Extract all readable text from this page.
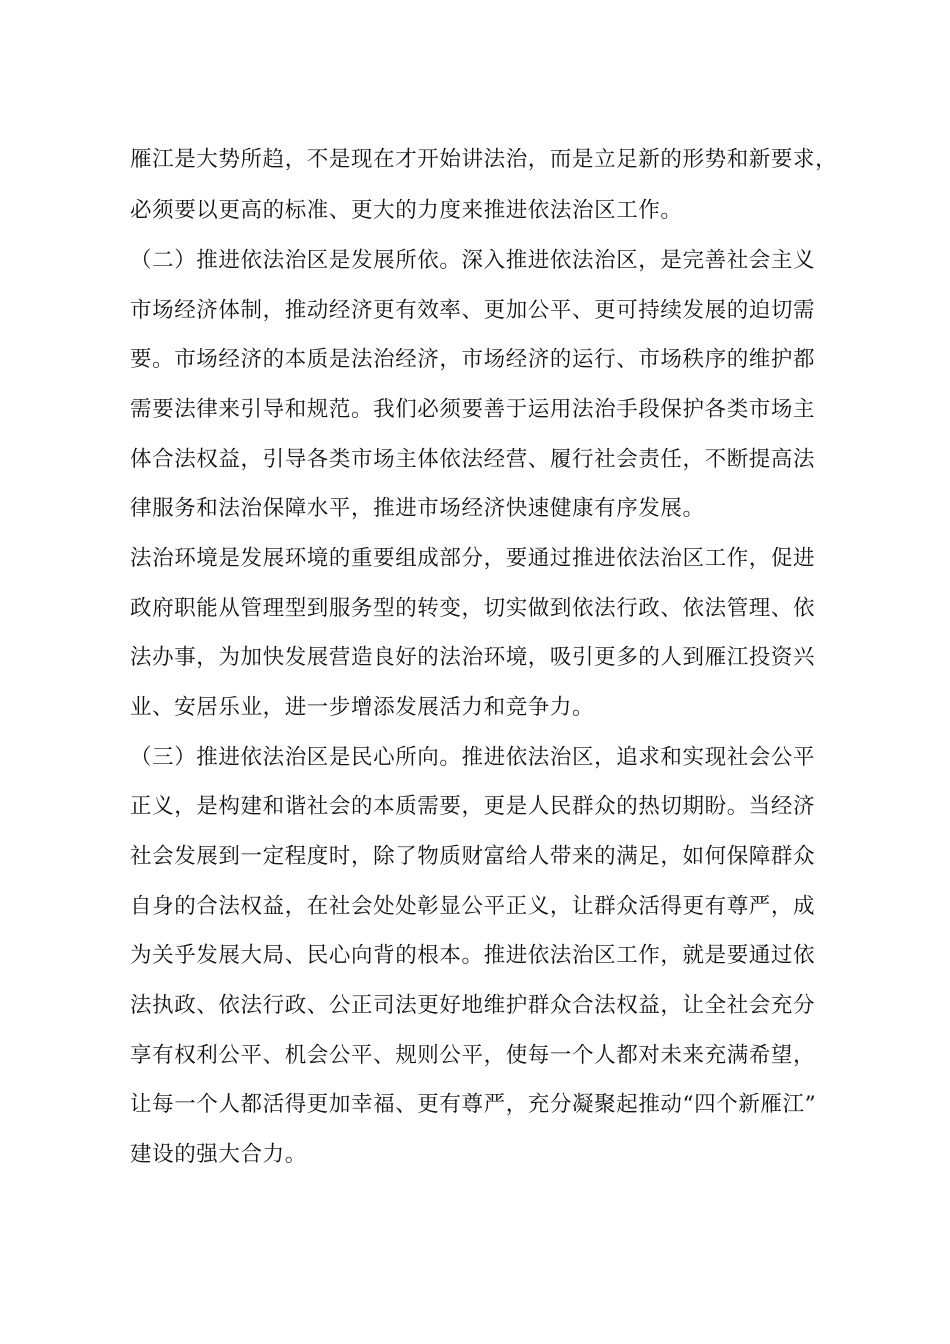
雁江是大势所趋，不是现在才开始讲法治，而是立足新的形势和新要求，
必须要以更高的标准、更大的力度来推进依法治区工作。
（二）推进依法治区是发展所依。深入推进依法治区，是完善社会主义
市场经济体制，推动经济更有效率、更加公平、更可持续发展的迫切需
要。市场经济的本质是法治经济，市场经济的运行、市场秩序的维护都
需要法律来引导和规范。我们必须要善于运用法治手段保护各类市场主
体合法权益，引导各类市场主体依法经营、履行社会责任，不断提高法
律服务和法治保障水平，推进市场经济快速健康有序发展。
法治环境是发展环境的重要组成部分，要通过推进依法治区工作，促进
政府职能从管理型到服务型的转变，切实做到依法行政、依法管理、依
法办事，为加快发展营造良好的法治环境，吸引更多的人到雁江投资兴
业、安居乐业，进一步增添发展活力和竞争力。
（三）推进依法治区是民心所向。推进依法治区，追求和实现社会公平
正义，是构建和谐社会的本质需要，更是人民群众的热切期盼。当经济
社会发展到一定程度时，除了物质财富给人带来的满足，如何保障群众
自身的合法权益，在社会处处彰显公平正义，让群众活得更有尊严，成
为关乎发展大局、民心向背的根本。推进依法治区工作，就是要通过依
法执政、依法行政、公正司法更好地维护群众合法权益，让全社会充分
享有权利公平、机会公平、规则公平，使每一个人都对未来充满希望，
让每一个人都活得更加幸福、更有尊严，充分凝聚起推动“四个新雁江”
建设的强大合力。
